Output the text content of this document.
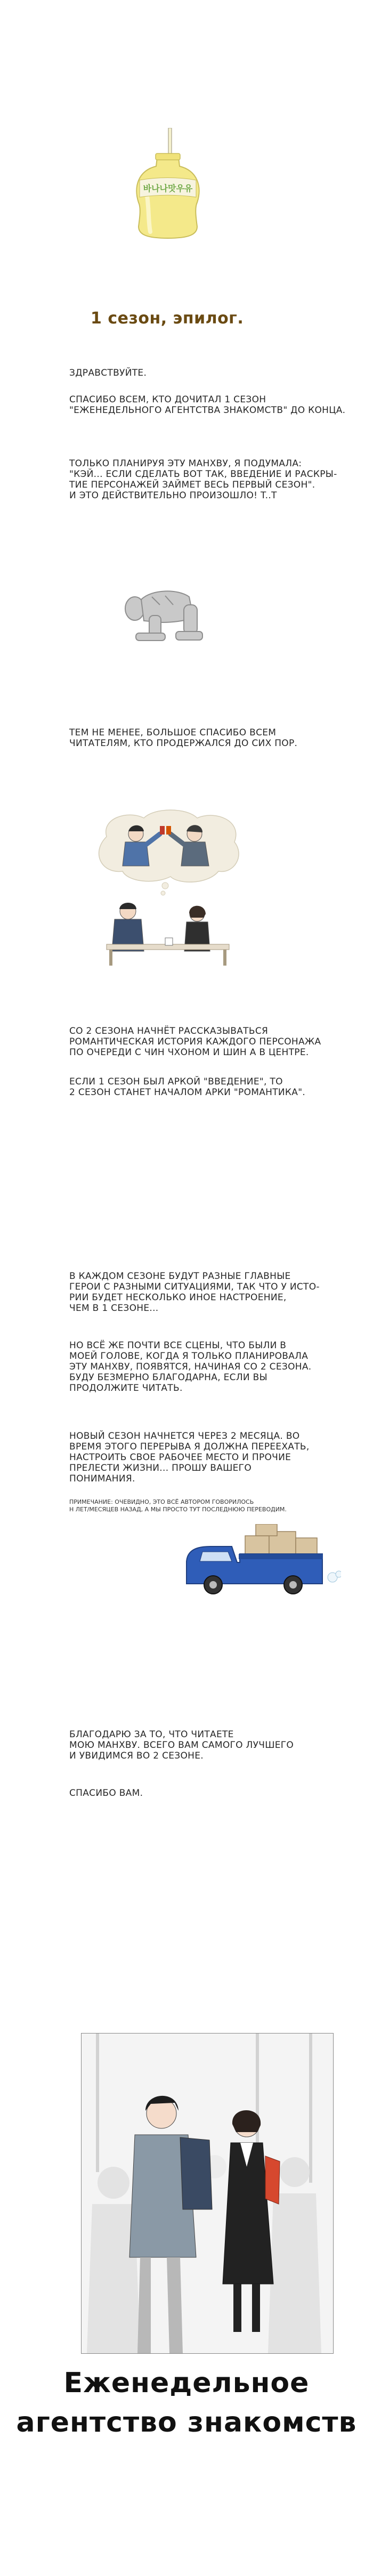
바나나맛우유
1 сезон, эпилог.

ЗДРАВСТВУЙТЕ.

СПАСИБО ВСЕМ, КТО ДОЧИТАЛ 1 СЕЗОН
"ЕЖЕНЕДЕЛЬНОГО АГЕНТСТВА ЗНАКОМСТВ" ДО КОНЦА.

ТОЛЬКО ПЛАНИРУЯ ЭТУ МАНХВУ, Я ПОДУМАЛА:
"КЭЙ... ЕСЛИ СДЕЛАТЬ ВОТ ТАК, ВВЕДЕНИЕ И РАСКРЫ-
ТИЕ ПЕРСОНАЖЕЙ ЗАЙМЕТ ВЕСЬ ПЕРВЫЙ СЕЗОН".
И ЭТО ДЕЙСТВИТЕЛЬНО ПРОИЗОШЛО! T..T

ТЕМ НЕ МЕНЕЕ, БОЛЬШОЕ СПАСИБО ВСЕМ
ЧИТАТЕЛЯМ, КТО ПРОДЕРЖАЛСЯ ДО СИХ ПОР.

СО 2 СЕЗОНА НАЧНЁТ РАССКАЗЫВАТЬСЯ
РОМАНТИЧЕСКАЯ ИСТОРИЯ КАЖДОГО ПЕРСОНАЖА
ПО ОЧЕРЕДИ С ЧИН ЧХОНОМ И ШИН А В ЦЕНТРЕ.

ЕСЛИ 1 СЕЗОН БЫЛ АРКОЙ "ВВЕДЕНИЕ", ТО
2 СЕЗОН СТАНЕТ НАЧАЛОМ АРКИ "РОМАНТИКА".

В КАЖДОМ СЕЗОНЕ БУДУТ РАЗНЫЕ ГЛАВНЫЕ
ГЕРОИ С РАЗНЫМИ СИТУАЦИЯМИ, ТАК ЧТО У ИСТО-
РИИ БУДЕТ НЕСКОЛЬКО ИНОЕ НАСТРОЕНИЕ,
ЧЕМ В 1 СЕЗОНЕ...

НО ВСЁ ЖЕ ПОЧТИ ВСЕ СЦЕНЫ, ЧТО БЫЛИ В
МОЕЙ ГОЛОВЕ, КОГДА Я ТОЛЬКО ПЛАНИРОВАЛА
ЭТУ МАНХВУ, ПОЯВЯТСЯ, НАЧИНАЯ СО 2 СЕЗОНА.
БУДУ БЕЗМЕРНО БЛАГОДАРНА, ЕСЛИ ВЫ
ПРОДОЛЖИТЕ ЧИТАТЬ.

НОВЫЙ СЕЗОН НАЧНЕТСЯ ЧЕРЕЗ 2 МЕСЯЦА. ВО
ВРЕМЯ ЭТОГО ПЕРЕРЫВА Я ДОЛЖНА ПЕРЕЕХАТЬ,
НАСТРОИТЬ СВОЕ РАБОЧЕЕ МЕСТО И ПРОЧИЕ
ПРЕЛЕСТИ ЖИЗНИ... ПРОШУ ВАШЕГО
ПОНИМАНИЯ.

ПРИМЕЧАНИЕ: ОЧЕВИДНО, ЭТО ВСЁ АВТОРОМ ГОВОРИЛОСЬ
Н ЛЕТ/МЕСЯЦЕВ НАЗАД, А МЫ ПРОСТО ТУТ ПОСЛЕДНЮЮ ПЕРЕВОДИМ.

БЛАГОДАРЮ ЗА ТО, ЧТО ЧИТАЕТЕ
МОЮ МАНХВУ. ВСЕГО ВАМ САМОГО ЛУЧШЕГО
И УВИДИМСЯ ВО 2 СЕЗОНЕ.

СПАСИБО ВАМ.

Еженедельное
агентство знакомств
